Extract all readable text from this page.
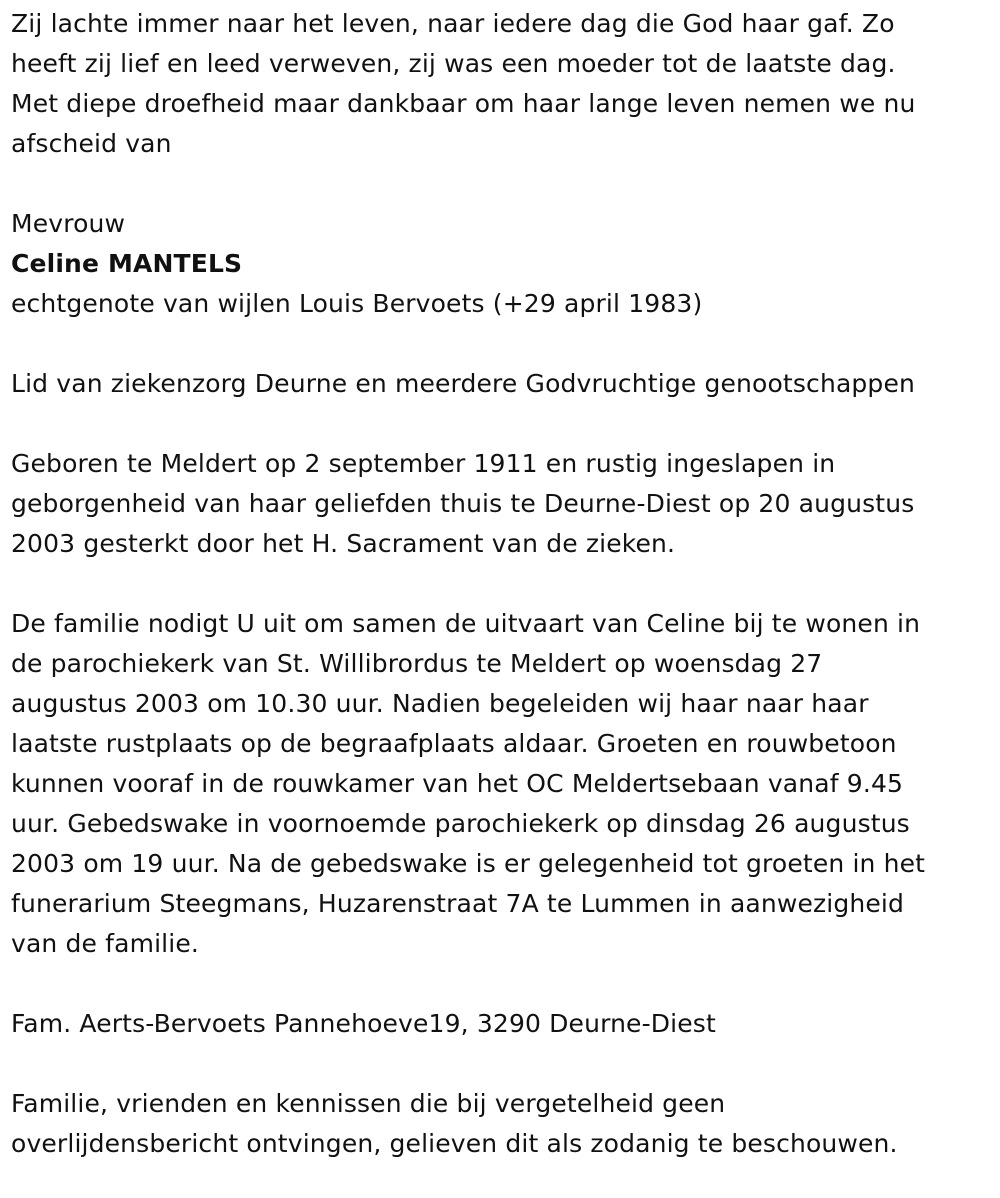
Zij lachte immer naar het leven, naar iedere dag die God haar gaf. Zo
heeft zij lief en leed verweven, zij was een moeder tot de laatste dag.
Met diepe droefheid maar dankbaar om haar lange leven nemen we nu
afscheid van
Mevrouw
Celine MANTELS
echtgenote van wijlen Louis Bervoets (+29 april 1983)
Lid van ziekenzorg Deurne en meerdere Godvruchtige genootschappen
Geboren te Meldert op 2 september 1911 en rustig ingeslapen in
geborgenheid van haar geliefden thuis te Deurne-Diest op 20 augustus
2003 gesterkt door het H. Sacrament van de zieken.
De familie nodigt U uit om samen de uitvaart van Celine bij te wonen in
de parochiekerk van St. Willibrordus te Meldert op woensdag 27
augustus 2003 om 10.30 uur. Nadien begeleiden wij haar naar haar
laatste rustplaats op de begraafplaats aldaar. Groeten en rouwbetoon
kunnen vooraf in de rouwkamer van het OC Meldertsebaan vanaf 9.45
uur. Gebedswake in voornoemde parochiekerk op dinsdag 26 augustus
2003 om 19 uur. Na de gebedswake is er gelegenheid tot groeten in het
funerarium Steegmans, Huzarenstraat 7A te Lummen in aanwezigheid
van de familie.
Fam. Aerts-Bervoets Pannehoeve19, 3290 Deurne-Diest
Familie, vrienden en kennissen die bij vergetelheid geen
overlijdensbericht ontvingen, gelieven dit als zodanig te beschouwen.
